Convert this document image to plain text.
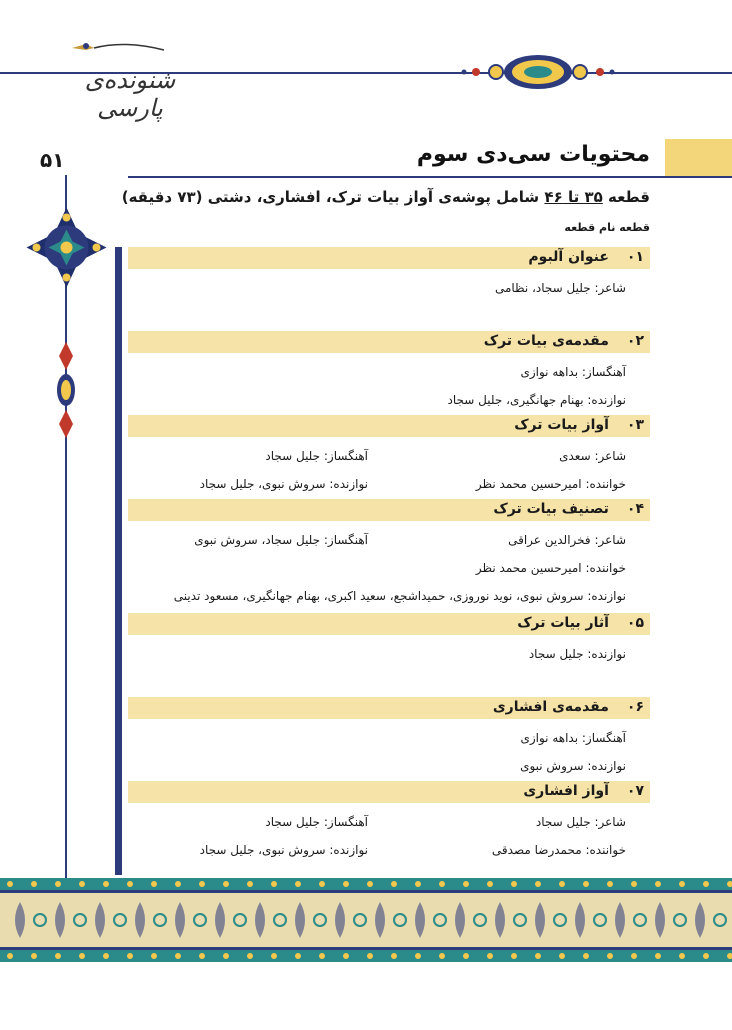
شنونده‌ی پارسی
محتویات سی‌دی سوم
۵۱
قطعه ۳۵ تا ۴۶ شامل پوشه‌ی آواز بیات ترک، افشاری، دشتی (۷۳ دقیقه)
قطعه نام قطعه
۰۱عنوان آلبوم
شاعر: جلیل سجاد، نظامی
۰۲مقدمه‌ی بیات ترک
آهنگساز: بداهه نوازی
نوازنده: بهنام جهانگیری، جلیل سجاد
۰۳آواز بیات ترک
شاعر: سعدی
آهنگساز: جلیل سجاد
خواننده: امیرحسین محمد نظر
نوازنده: سروش نبوی، جلیل سجاد
۰۴تصنیف بیات ترک
شاعر: فخرالدین عراقی
آهنگساز: جلیل سجاد، سروش نبوی
خواننده: امیرحسین محمد نظر
نوازنده: سروش نبوی، نوید نوروزی، حمیداشجع، سعید اکبری، بهنام جهانگیری، مسعود تدینی
۰۵آثار بیات ترک
نوازنده: جلیل سجاد
۰۶مقدمه‌ی افشاری
آهنگساز: بداهه نوازی
نوازنده: سروش نبوی
۰۷آواز افشاری
شاعر: جلیل سجاد
آهنگساز: جلیل سجاد
خواننده: محمدرضا مصدقی
نوازنده: سروش نبوی، جلیل سجاد
